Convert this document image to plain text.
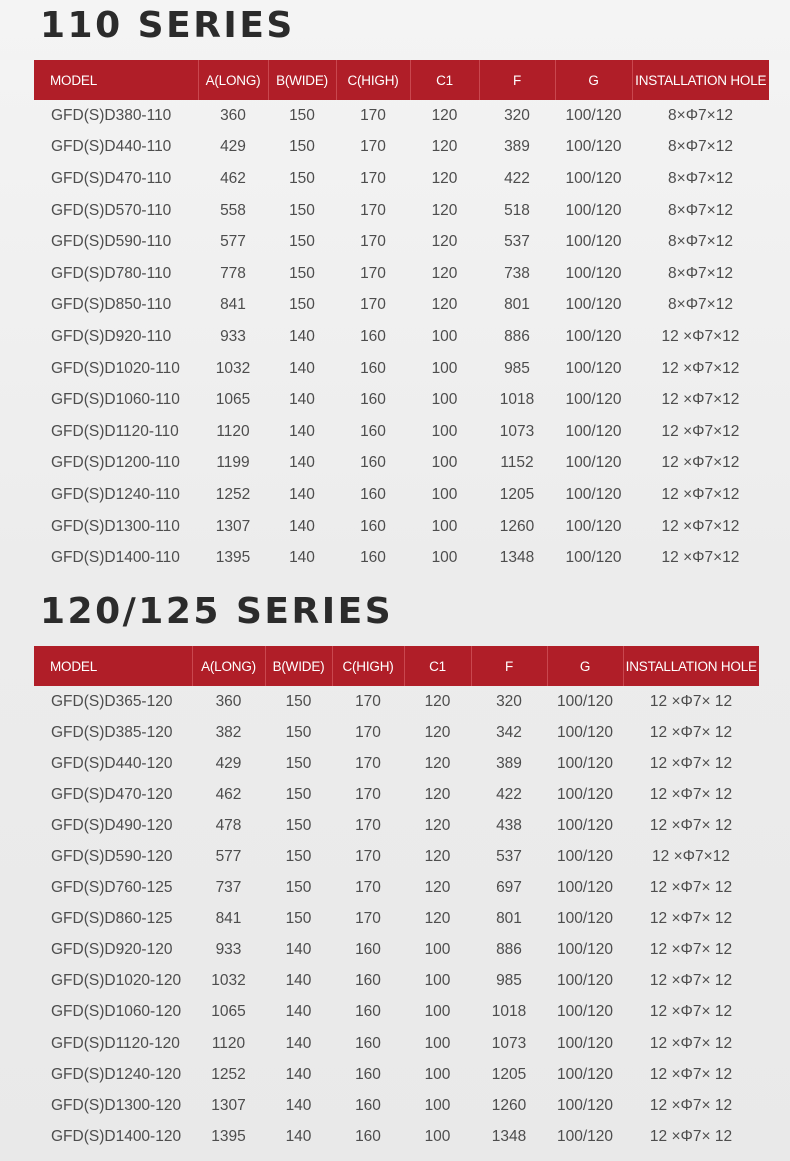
110 SERIES
MODEL	A(LONG)	B(WIDE)	C(HIGH)	C1	F	G	INSTALLATION HOLE
GFD(S)D380-110	360	150	170	120	320	100/120	8×Φ7×12
GFD(S)D440-110	429	150	170	120	389	100/120	8×Φ7×12
GFD(S)D470-110	462	150	170	120	422	100/120	8×Φ7×12
GFD(S)D570-110	558	150	170	120	518	100/120	8×Φ7×12
GFD(S)D590-110	577	150	170	120	537	100/120	8×Φ7×12
GFD(S)D780-110	778	150	170	120	738	100/120	8×Φ7×12
GFD(S)D850-110	841	150	170	120	801	100/120	8×Φ7×12
GFD(S)D920-110	933	140	160	100	886	100/120	12 ×Φ7×12
GFD(S)D1020-110	1032	140	160	100	985	100/120	12 ×Φ7×12
GFD(S)D1060-110	1065	140	160	100	1018	100/120	12 ×Φ7×12
GFD(S)D1120-110	1120	140	160	100	1073	100/120	12 ×Φ7×12
GFD(S)D1200-110	1199	140	160	100	1152	100/120	12 ×Φ7×12
GFD(S)D1240-110	1252	140	160	100	1205	100/120	12 ×Φ7×12
GFD(S)D1300-110	1307	140	160	100	1260	100/120	12 ×Φ7×12
GFD(S)D1400-110	1395	140	160	100	1348	100/120	12 ×Φ7×12
120/125 SERIES
MODEL	A(LONG)	B(WIDE)	C(HIGH)	C1	F	G	INSTALLATION HOLE
GFD(S)D365-120	360	150	170	120	320	100/120	12 ×Φ7× 12
GFD(S)D385-120	382	150	170	120	342	100/120	12 ×Φ7× 12
GFD(S)D440-120	429	150	170	120	389	100/120	12 ×Φ7× 12
GFD(S)D470-120	462	150	170	120	422	100/120	12 ×Φ7× 12
GFD(S)D490-120	478	150	170	120	438	100/120	12 ×Φ7× 12
GFD(S)D590-120	577	150	170	120	537	100/120	12 ×Φ7×12
GFD(S)D760-125	737	150	170	120	697	100/120	12 ×Φ7× 12
GFD(S)D860-125	841	150	170	120	801	100/120	12 ×Φ7× 12
GFD(S)D920-120	933	140	160	100	886	100/120	12 ×Φ7× 12
GFD(S)D1020-120	1032	140	160	100	985	100/120	12 ×Φ7× 12
GFD(S)D1060-120	1065	140	160	100	1018	100/120	12 ×Φ7× 12
GFD(S)D1120-120	1120	140	160	100	1073	100/120	12 ×Φ7× 12
GFD(S)D1240-120	1252	140	160	100	1205	100/120	12 ×Φ7× 12
GFD(S)D1300-120	1307	140	160	100	1260	100/120	12 ×Φ7× 12
GFD(S)D1400-120	1395	140	160	100	1348	100/120	12 ×Φ7× 12
